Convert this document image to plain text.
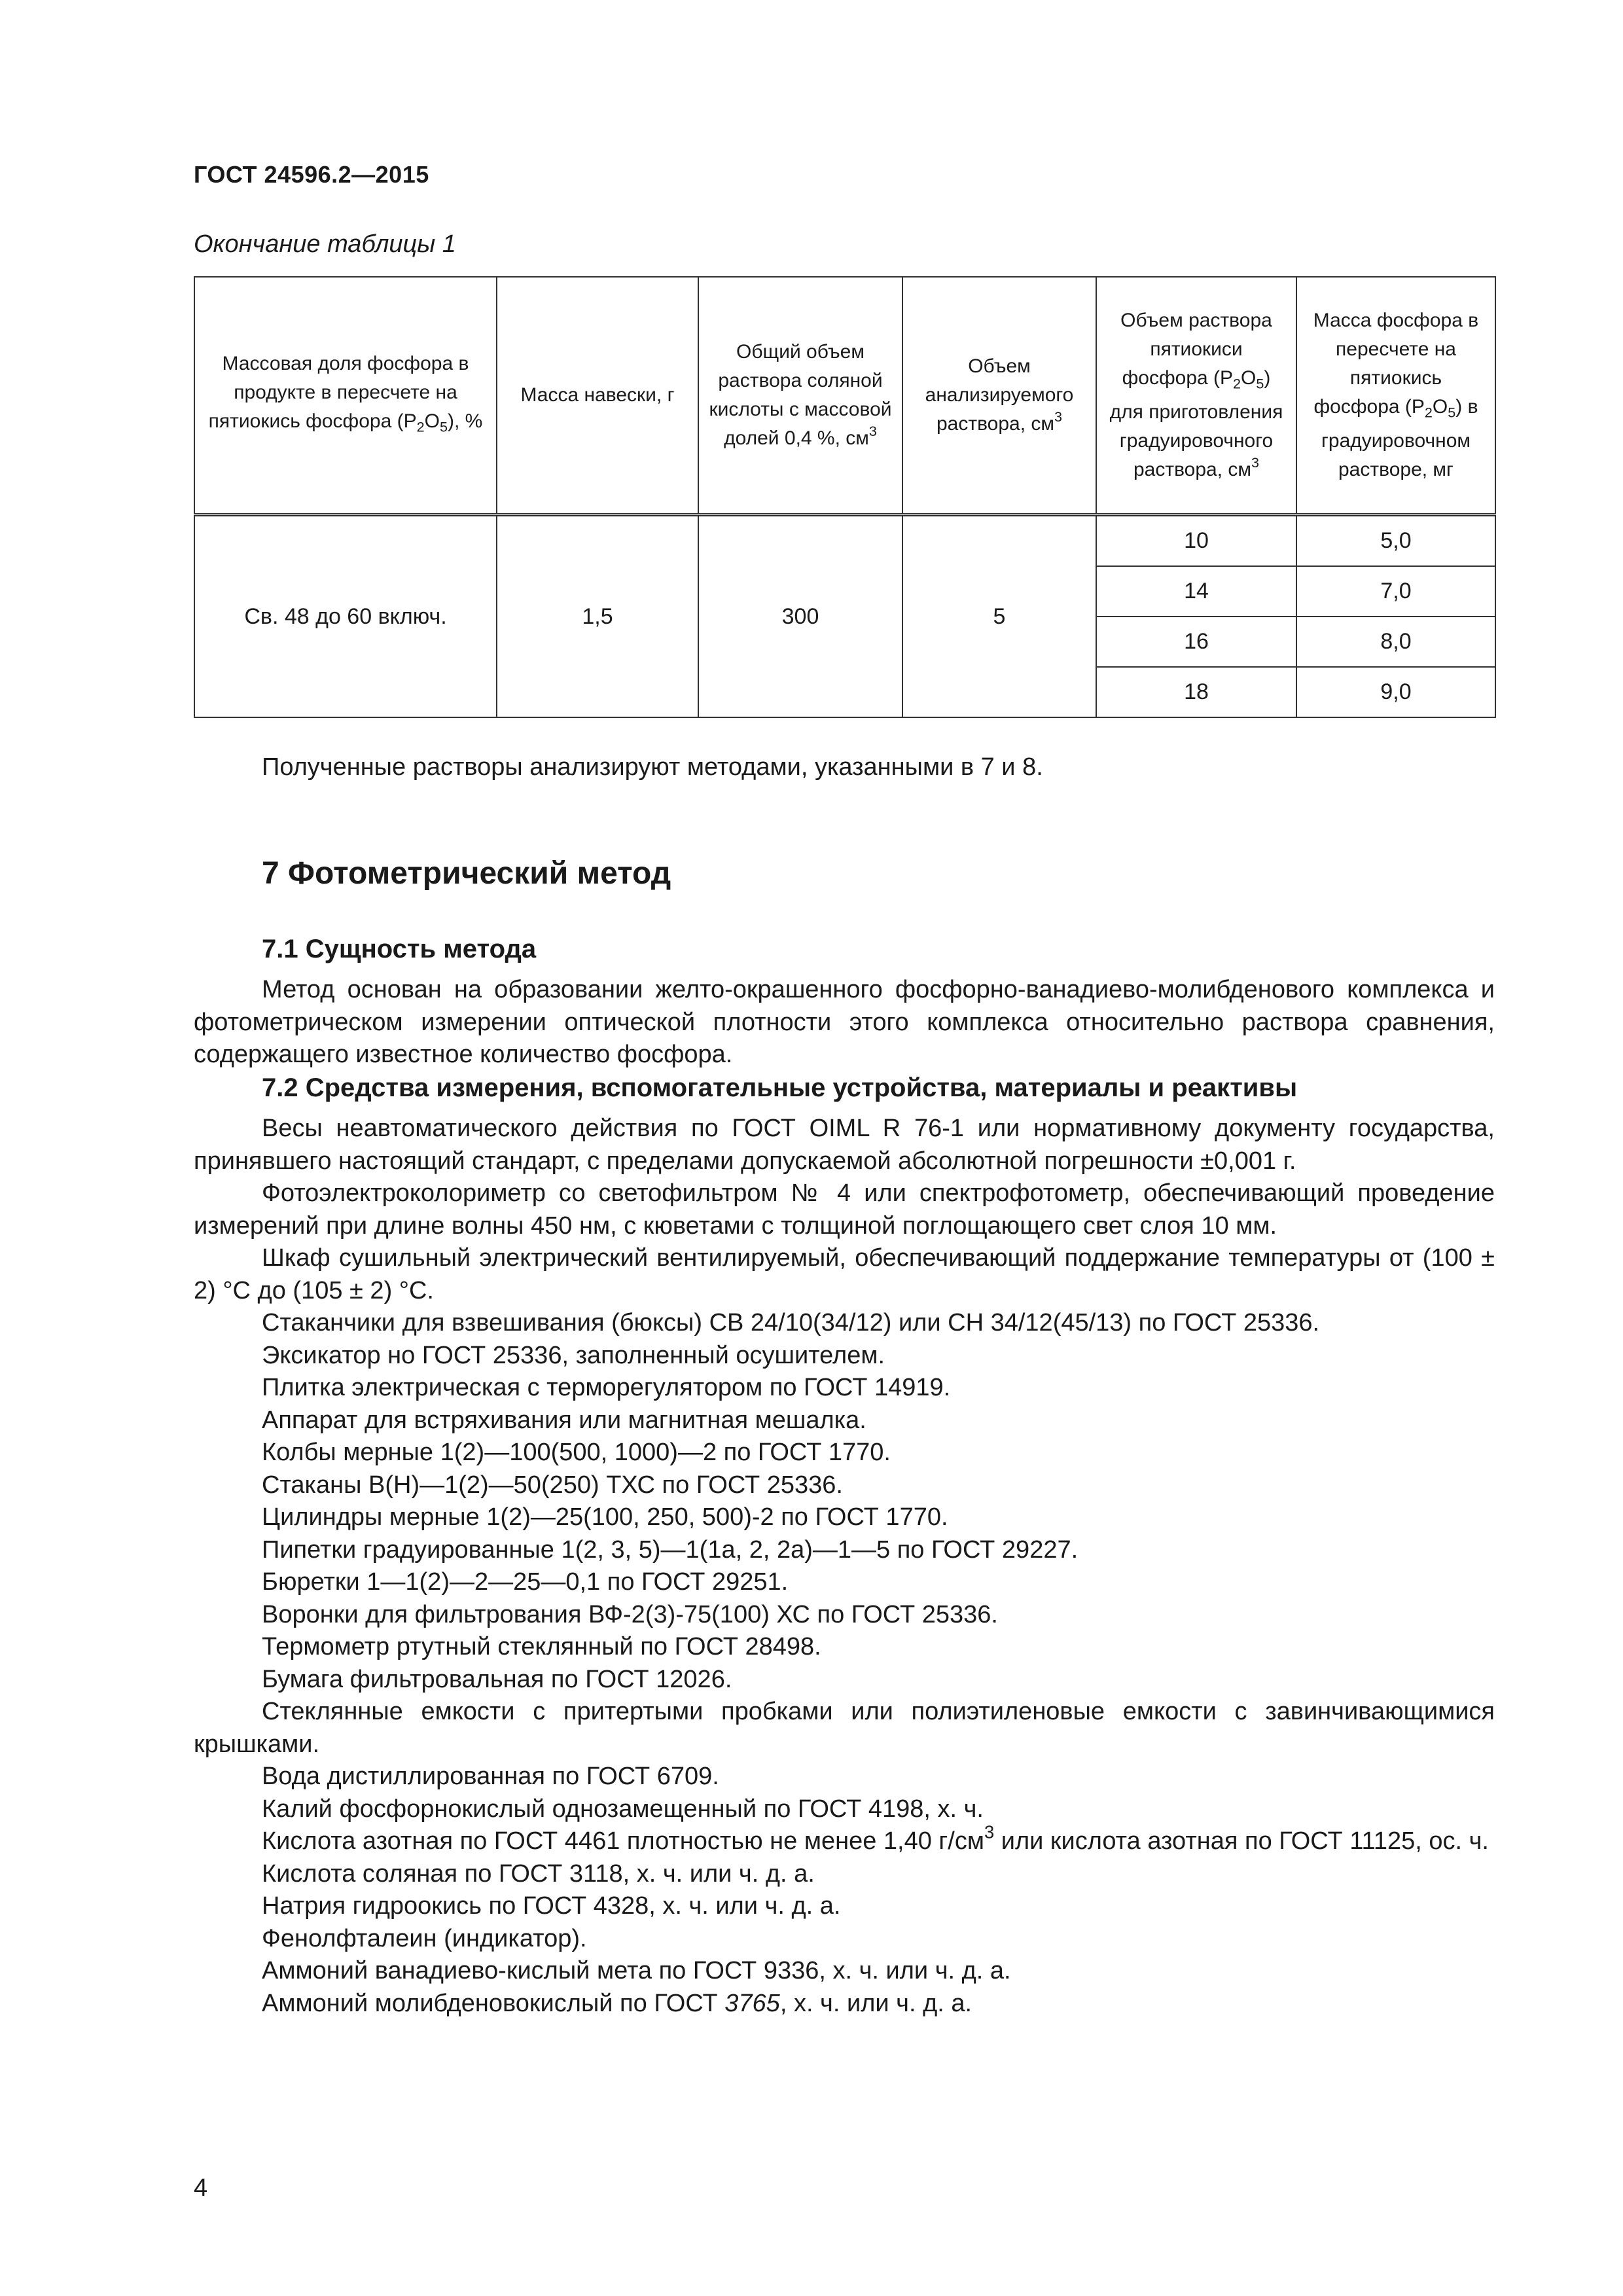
ГОСТ 24596.2—2015
Окончание таблицы 1
Массовая доля фосфора в продукте в пересчете на пятиокись фосфора $(P_2O_5)$, %	Масса навески, г	Общий объем раствора соляной кислоты с массовой долей 0,4 %, $см^3$	Объем анализируемого раствора, $см^3$	Объем раствора пятиокиси фосфора $(P_2O_5)$ для приготовления градуировочного раствора, $см^3$	Масса фосфора в пересчете на пятиокись фосфора $(P_2O_5)$ в градуировочном растворе, мг
Св. 48 до 60 включ.	1,5	300	5	10	5,0
				14	7,0
				16	8,0
				18	9,0

Полученные растворы анализируют методами, указанными в 7 и 8.

7 Фотометрический метод
7.1 Сущность метода

Метод основан на образовании желто-окрашенного фосфорно-ванадиево-молибденового комплекса и фотометрическом измерении оптической плотности этого комплекса относительно раствора сравнения, содержащего известное количество фосфора.

7.2 Средства измерения, вспомогательные устройства, материалы и реактивы

Весы неавтоматического действия по ГОСТ OIML R 76-1 или нормативному документу государства, принявшего настоящий стандарт, с пределами допускаемой абсолютной погрешности ±0,001 г.

Фотоэлектроколориметр со светофильтром № 4 или спектрофотометр, обеспечивающий проведение измерений при длине волны 450 нм, с кюветами с толщиной поглощающего свет слоя 10 мм.

Шкаф сушильный электрический вентилируемый, обеспечивающий поддержание температуры от (100 ± 2) °С до (105 ± 2) °С.

Стаканчики для взвешивания (бюксы) СВ 24/10(34/12) или СН 34/12(45/13) по ГОСТ 25336.

Эксикатор но ГОСТ 25336, заполненный осушителем.

Плитка электрическая с терморегулятором по ГОСТ 14919.

Аппарат для встряхивания или магнитная мешалка.

Колбы мерные 1(2)—100(500, 1000)—2 по ГОСТ 1770.

Стаканы В(Н)—1(2)—50(250) ТХС по ГОСТ 25336.

Цилиндры мерные 1(2)—25(100, 250, 500)-2 по ГОСТ 1770.

Пипетки градуированные 1(2, 3, 5)—1(1а, 2, 2а)—1—5 по ГОСТ 29227.

Бюретки 1—1(2)—2—25—0,1 по ГОСТ 29251.

Воронки для фильтрования ВФ-2(3)-75(100) ХС по ГОСТ 25336.

Термометр ртутный стеклянный по ГОСТ 28498.

Бумага фильтровальная по ГОСТ 12026.

Стеклянные емкости с притертыми пробками или полиэтиленовые емкости с завинчивающимися крышками.

Вода дистиллированная по ГОСТ 6709.

Калий фосфорнокислый однозамещенный по ГОСТ 4198, х. ч.

Кислота азотная по ГОСТ 4461 плотностью не менее 1,40 $г/см^3$ или кислота азотная по ГОСТ 11125, ос. ч.

Кислота соляная по ГОСТ 3118, х. ч. или ч. д. а.

Натрия гидроокись по ГОСТ 4328, х. ч. или ч. д. а.

Фенолфталеин (индикатор).

Аммоний ванадиево-кислый мета по ГОСТ 9336, х. ч. или ч. д. а.

Аммоний молибденовокислый по ГОСТ 3765, х. ч. или ч. д. а.

4
